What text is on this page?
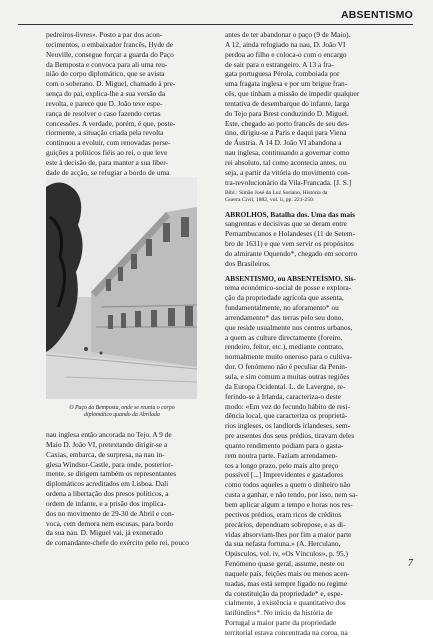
ABSENTISMO
pedreiros-livres». Posto a par dos acon-
tecimentos, o embaixador francês, Hyde de
Neuville, consegue forçar a guarda do Paço
da Bemposta e convoca para ali uma reu-
nião do corpo diplomático, que se avista
com o soberano. D. Miguel, chamado à pre-
sença do pai, explica-lhe a sua versão da
revolta, e parece que D. João teve espe-
rança de resolver o caso fazendo certas
concessões. A verdade, porém, é que, poste-
riormente, a situação criada pela revolta
continuou a evoluir, com renovadas perse-
guições a políticos fiéis ao rei, o que leve
este à decisão de, para manter a sua liber-
dade de acção, se refugiar a bordo de uma
O Paço da Bemposta, onde se reuniu o corpo
diplomático quando da Abrilada
nau inglesa então ancorada no Tejo. A 9 de
Maio D. João VI, pretextando dirigir-se a
Caxias, embarca, de surpresa, na nau in-
glesa Windsor-Castle, para onde, posterior-
mente, se dirigem também os representantes
diplomáticos acreditados em Lisboa. Dali
ordena a libertação dos presos políticos, a
ordem de infante, e a prisão dos implica-
dos no movimento de 29-30 de Abril e con-
voca, cem demora nem escusas, para bordo
da sua nau. D. Miguel vai, já exonerado
de comandante-chefe do exército pelo rei, pouco
antes de ter abandonar o paço (9 de Maio).
A 12, ainda refugiado na nau, D. João VI
perdoa ao filho e coloca-o com o encargo
de sair para o estrangeiro. A 13 a fra-
gata portuguesa Pérola, comboiada por
uma fragata inglesa e por um brigue fran-
cês, que tinham a missão de impedir qualquer
tentativa de desembarque do infante, larga
do Tejo para Brest conduzindo D. Miguel.
Este, chegado ao porto francês de seu des-
tino, dirigiu-se a Paris e daqui para Viena
de Áustria. A 14 D. João VI abandona a
nau inglesa, continuando a governar como
rei absoluto, tal como acontecia antes, ou
seja, a partir da vitória do movimento con-
tra-revolucionário da Vila-Francada. [J. S.]

Bibl.: Simão José da Luz Soriano, História da
Guerra Civil, 1882, vol. ii, pp. 221-250.

ABROLHOS, Batalha dos. Uma das mais
sangrentas e decisivas que se deram entre
Pernambucanos e Holandeses (11 de Setem-
bro de 1631) e que vem servir os propósitos
do almirante Oquendo*, chegado em socorro
dos Brasileiros.

ABSENTISMO, ou ABSENTEÍSMO. Sis-
tema económico-social de posse e explora-
ção da propriedade agrícola que assenta,
fundamentalmente, no aforamento* ou
arrendamento* das terras pelo seu dono,
que reside usualmente nos centros urbanos,
a quem as culture directamente (foreiro,
rendeiro, feitor, etc.), mediante contrato,
normalmente muito oneroso para o cultiva-
dor. O fenómeno não é peculiar da Penín-
sula, e sim comum a muitas outras regiões
da Europa Ocidental. L. de Lavergne, re-
ferindo-se à Irlanda, caracteriza-o deste
modo: «Em vez do fecundo hábito de resi-
dência local, que caracteriza os proprietá-
rios ingleses, os landlords irlandeses, sem-
pre ausentes dos seus prédios, tiravam deles
quanto rendimento podiam para o gasta-
rem noutra parte. Faziam arrendamen-
tos a longo prazo, pelo mais alto preço
possível [...] Imprevidentes e gastadores
como todos aqueles a quem o dinheiro não
custa a ganhar, e não tendo, por isso, nem sa-
bem aplicar algum a tempo e horas nos res-
pectivos prédios, eram ricos de créditos
precários, dependuam sobrepose, e as di-
vidas absorviam-lhes por fim a maior parte
da sua nefasta fortuna.» (A. Herculano,
Opúsculos, vol. iv, «Os Vínculos», p. 95.)
Fenómeno quase geral, assume, neste ou
naquele país, feições mais ou menos acen-
tuadas, mas está sempre ligado no regime
da constituição da propriedade* e, espe-
cialmente, à existência e quantitativo dos
latifúndios*. No início da história de
Portugal a maior parte da propriedade
territorial estava concentrada na coroa, na

7
